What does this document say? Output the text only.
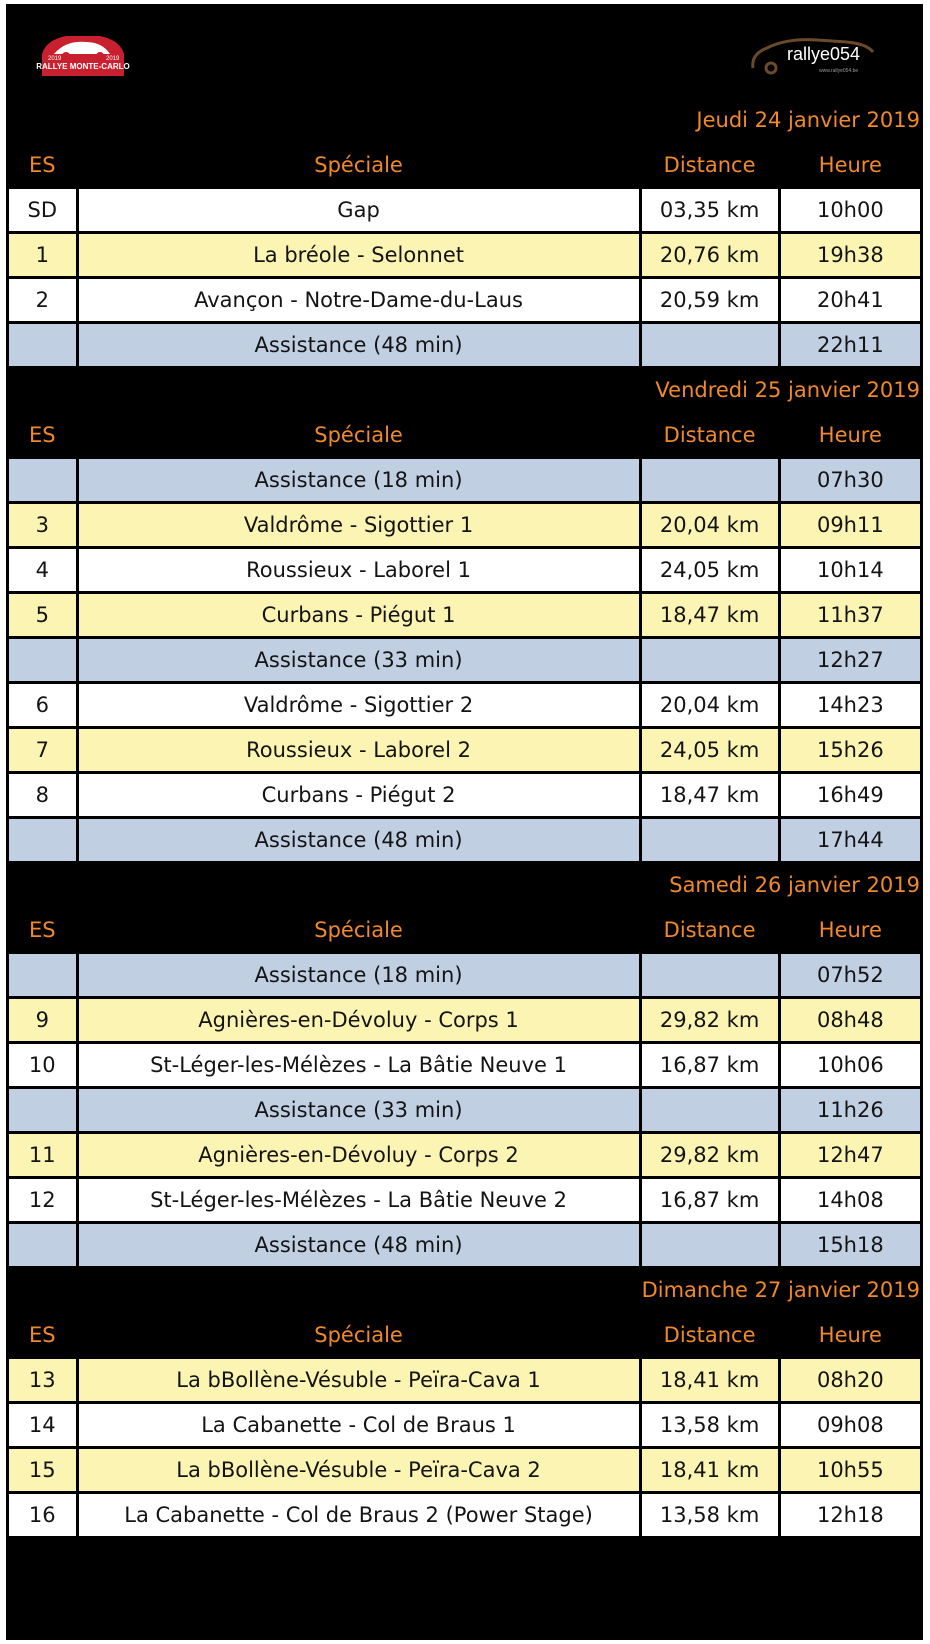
RALLYE MONTE-CARLO
2019	2019	rallye054
www.rallye054.be
Jeudi 24 janvier 2019			
ES	Spéciale	Distance	Heure
SD	Gap	03,35 km	10h00
1	La bréole - Selonnet	20,76 km	19h38
2	Avançon - Notre-Dame-du-Laus	20,59 km	20h41
	Assistance (48 min)		22h11
Vendredi 25 janvier 2019			
ES	Spéciale	Distance	Heure
	Assistance (18 min)		07h30
3	Valdrôme - Sigottier 1	20,04 km	09h11
4	Roussieux - Laborel 1	24,05 km	10h14
5	Curbans - Piégut 1	18,47 km	11h37
	Assistance (33 min)		12h27
6	Valdrôme - Sigottier 2	20,04 km	14h23
7	Roussieux - Laborel 2	24,05 km	15h26
8	Curbans - Piégut 2	18,47 km	16h49
	Assistance (48 min)		17h44
Samedi 26 janvier 2019			
ES	Spéciale	Distance	Heure
	Assistance (18 min)		07h52
9	Agnières-en-Dévoluy - Corps 1	29,82 km	08h48
10	St-Léger-les-Mélèzes - La Bâtie Neuve 1	16,87 km	10h06
	Assistance (33 min)		11h26
11	Agnières-en-Dévoluy - Corps 2	29,82 km	12h47
12	St-Léger-les-Mélèzes - La Bâtie Neuve 2	16,87 km	14h08
	Assistance (48 min)		15h18
Dimanche 27 janvier 2019			
ES	Spéciale	Distance	Heure
13	La bBollène-Vésuble - Peïra-Cava 1	18,41 km	08h20
14	La Cabanette - Col de Braus 1	13,58 km	09h08
15	La bBollène-Vésuble - Peïra-Cava 2	18,41 km	10h55
16	La Cabanette - Col de Braus 2 (Power Stage)	13,58 km	12h18
